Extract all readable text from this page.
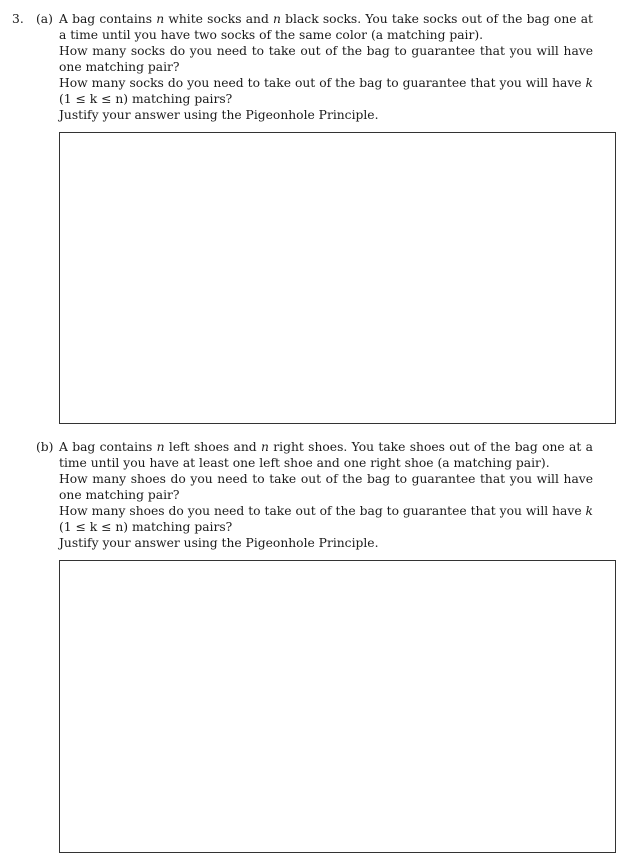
3. (a) A bag contains n white socks and n black socks. You take socks out of the bag one at a time until you have two socks of the same color (a matching pair).

How many socks do you need to take out of the bag to guarantee that you will have one matching pair?

How many socks do you need to take out of the bag to guarantee that you will have k (1 ≤ k ≤ n) matching pairs?

Justify your answer using the Pigeonhole Principle.

(b) A bag contains n left shoes and n right shoes. You take shoes out of the bag one at a time until you have at least one left shoe and one right shoe (a matching pair).

How many shoes do you need to take out of the bag to guarantee that you will have one matching pair?

How many shoes do you need to take out of the bag to guarantee that you will have k (1 ≤ k ≤ n) matching pairs?

Justify your answer using the Pigeonhole Principle.
